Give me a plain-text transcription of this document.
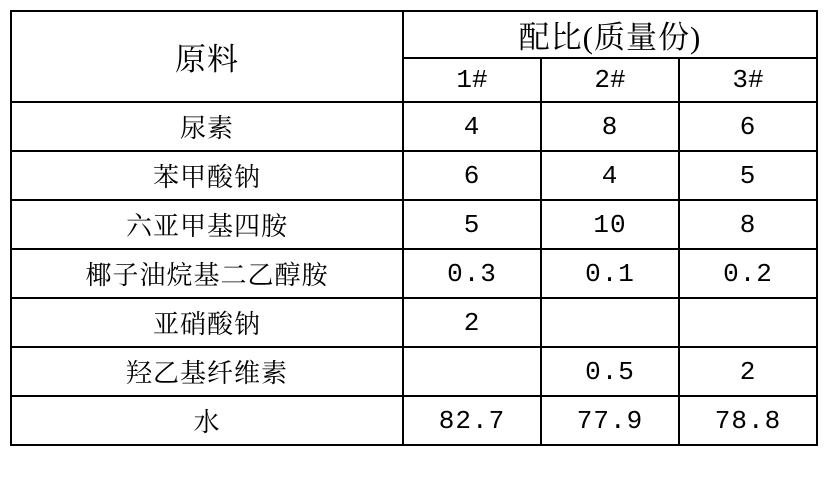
原料	配比(质量份)		
	1#	2#	3#
尿素	4	8	6
苯甲酸钠	6	4	5
六亚甲基四胺	5	10	8
椰子油烷基二乙醇胺	0.3	0.1	0.2
亚硝酸钠	2		
羟乙基纤维素		0.5	2
水	82.7	77.9	78.8
